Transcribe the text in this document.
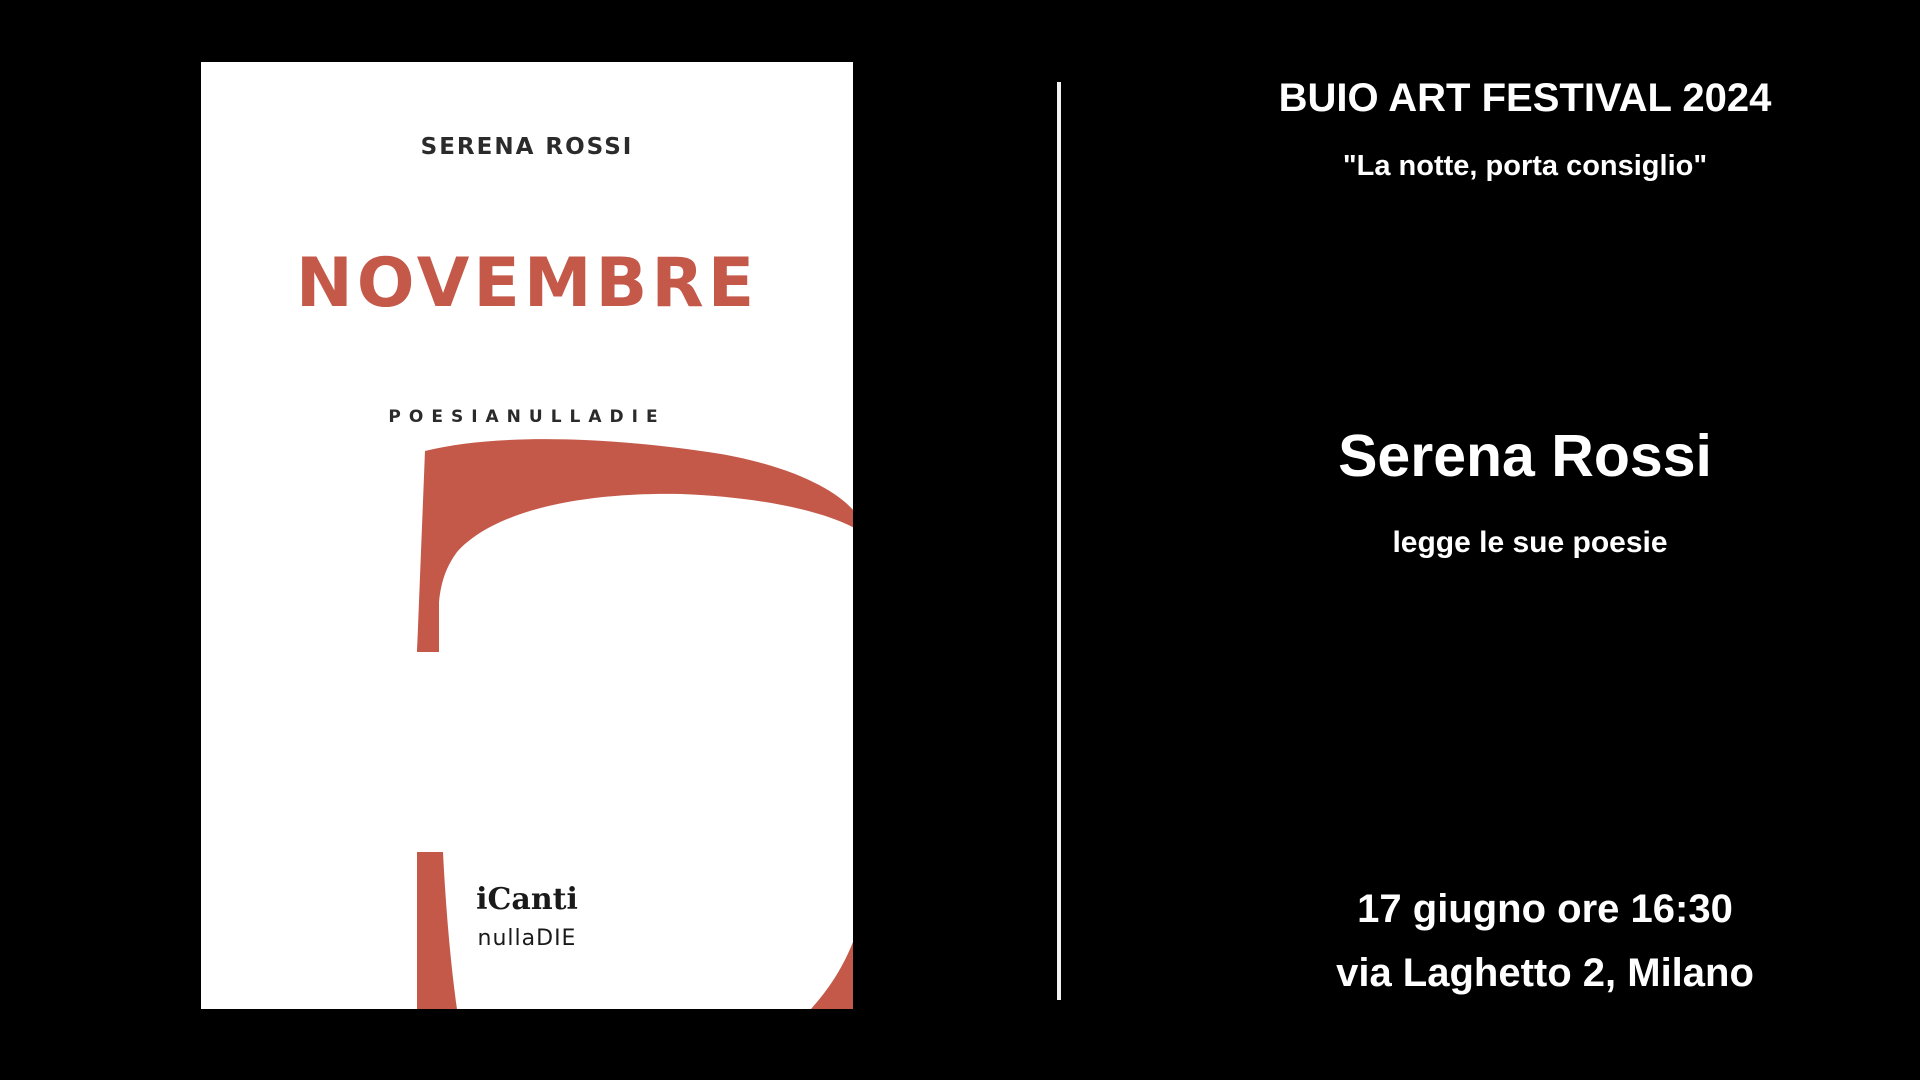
SERENA ROSSI
NOVEMBRE
POESIANULLADIE
iCanti
nullaDIE
BUIO ART FESTIVAL 2024
"La notte, porta consiglio"
Serena Rossi
legge le sue poesie
17 giugno ore 16:30
via Laghetto 2, Milano
